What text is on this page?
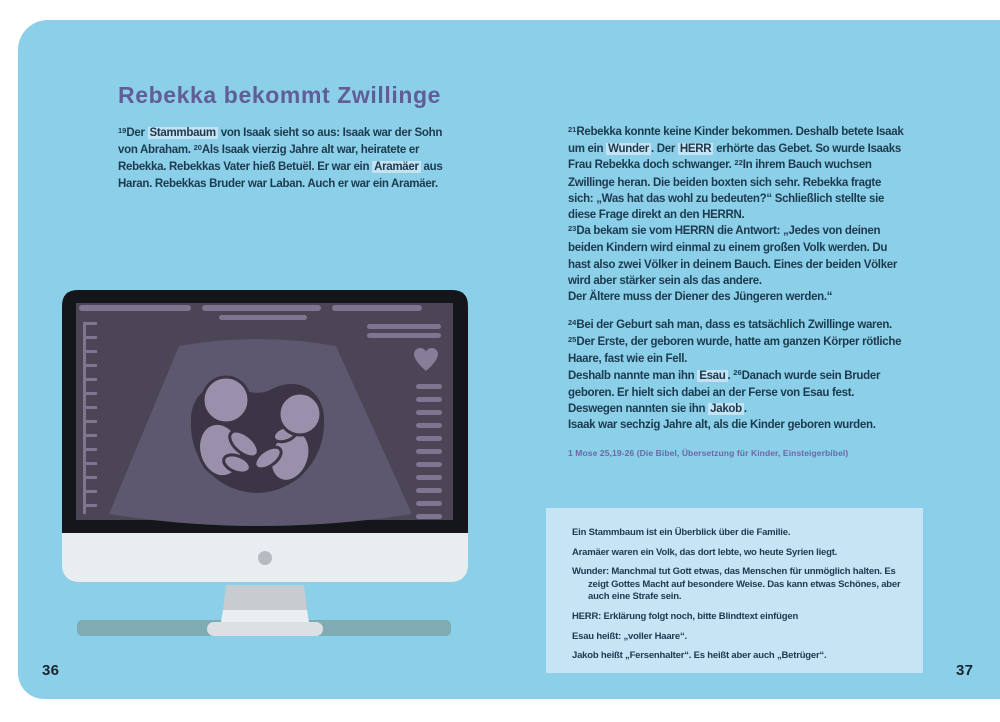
Rebekka bekommt Zwillinge

$^{19}$Der Stammbaum von Isaak sieht so aus: Isaak war der Sohn von Abraham. $^{20}$Als Isaak vierzig Jahre alt war, heiratete er Rebekka. Rebekkas Vater hieß Betuël. Er war ein Aramäer aus Haran. Rebekkas Bruder war Laban. Auch er war ein Aramäer.

36

$^{21}$Rebekka konnte keine Kinder bekommen. Deshalb betete Isaak um ein Wunder . Der HERR erhörte das Gebet. So wurde Isaaks Frau Rebekka doch schwanger. $^{22}$In ihrem Bauch wuchsen Zwillinge heran. Die beiden boxten sich sehr. Rebekka fragte sich: „Was hat das wohl zu bedeuten?“ Schließlich stellte sie diese Frage direkt an den HERRN.
$^{23}$Da bekam sie vom HERRN die Antwort: „Jedes von deinen beiden Kindern wird einmal zu einem großen Volk werden. Du hast also zwei Völker in deinem Bauch. Eines der beiden Völker wird aber stärker sein als das andere.
Der Ältere muss der Diener des Jüngeren werden.“

$^{24}$Bei der Geburt sah man, dass es tatsächlich Zwillinge waren. $^{25}$Der Erste, der geboren wurde, hatte am ganzen Körper rötliche Haare, fast wie ein Fell.
Deshalb nannte man ihn Esau . $^{26}$Danach wurde sein Bruder geboren. Er hielt sich dabei an der Ferse von Esau fest.
Deswegen nannten sie ihn Jakob .
Isaak war sechzig Jahre alt, als die Kinder geboren wurden.

1 Mose 25,19-26 (Die Bibel, Übersetzung für Kinder, Einsteigerbibel)
Ein Stammbaum ist ein Überblick über die Familie.
Aramäer waren ein Volk, das dort lebte, wo heute Syrien liegt.
Wunder: Manchmal tut Gott etwas, das Menschen für unmöglich halten. Es zeigt Gottes Macht auf besondere Weise. Das kann etwas Schönes, aber auch eine Strafe sein.
HERR: Erklärung folgt noch, bitte Blindtext einfügen
Esau heißt: „voller Haare“.
Jakob heißt „Fersenhalter“. Es heißt aber auch „Betrüger“.
37
